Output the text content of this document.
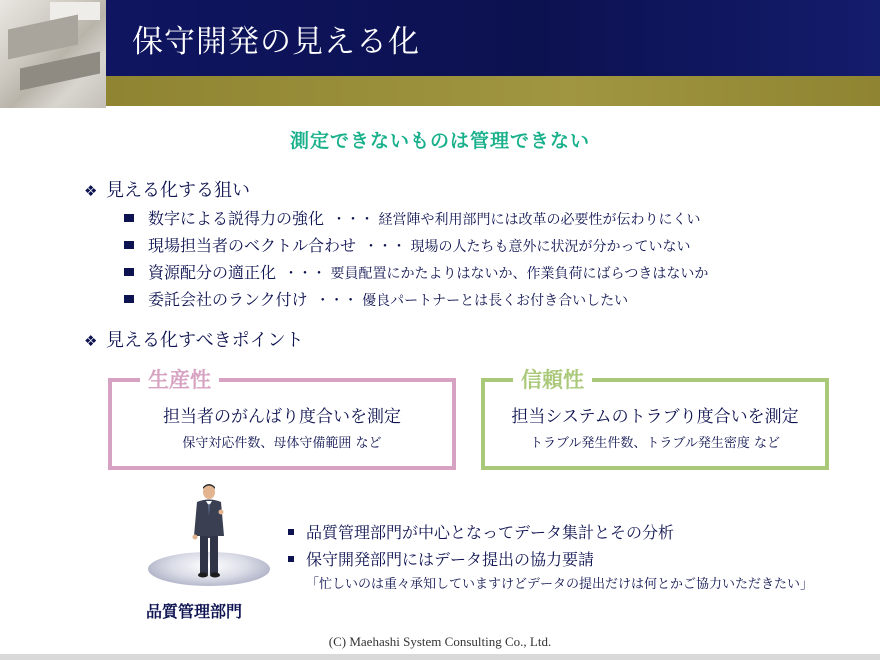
保守開発の見える化
測定できないものは管理できない
❖ 見える化する狙い
数字による説得力の強化 ・・・ 経営陣や利用部門には改革の必要性が伝わりにくい
現場担当者のベクトル合わせ ・・・ 現場の人たちも意外に状況が分かっていない
資源配分の適正化 ・・・ 要員配置にかたよりはないか、作業負荷にばらつきはないか
委託会社のランク付け ・・・ 優良パートナーとは長くお付き合いしたい
❖ 見える化すべきポイント
生産性
担当者のがんばり度合いを測定
保守対応件数、母体守備範囲 など
信頼性
担当システムのトラブり度合いを測定
トラブル発生件数、トラブル発生密度 など
品質管理部門
品質管理部門が中心となってデータ集計とその分析
保守開発部門にはデータ提出の協力要請
「忙しいのは重々承知していますけどデータの提出だけは何とかご協力いただきたい」
(C) Maehashi System Consulting Co., Ltd.
